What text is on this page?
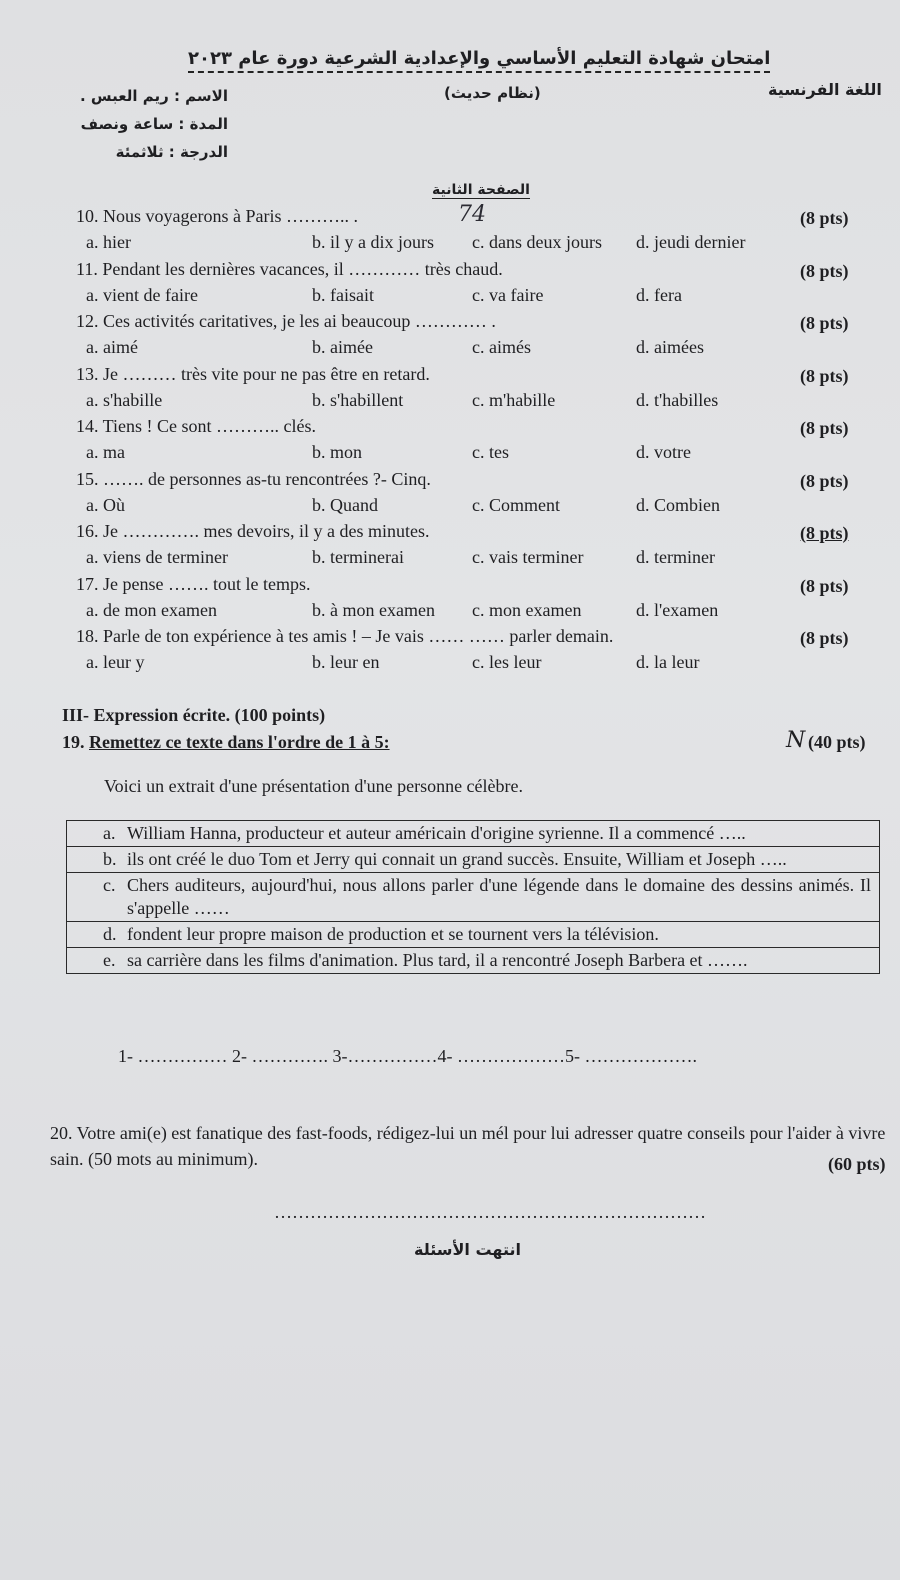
امتحان شهادة التعليم الأساسي والإعدادية الشرعية دورة عام ٢٠٢٣
اللغة الفرنسية
(نظام حديث)
الاسم : ريم العبس .
المدة : ساعة ونصف
الدرجة : ثلاثمئة
الصفحة الثانية
74
10. Nous voyagerons à Paris ……….. .	(8 pts)
a. hier	b. il y a dix jours c. dans deux jours d. jeudi dernier
11. Pendant les dernières vacances, il ………… très chaud.	(8 pts)
a. vient de faire	b. faisait	c. va faire	d. fera
12. Ces activités caritatives, je les ai beaucoup ………… .	(8 pts)
a. aimé	b. aimée	c. aimés	d. aimées
13. Je ……… très vite pour ne pas être en retard.	(8 pts)
a. s'habille	b. s'habillent	c. m'habille	d. t'habilles
14. Tiens ! Ce sont ……….. clés.	(8 pts)
a. ma	b. mon	c. tes	d. votre
15. ……. de personnes as-tu rencontrées ?- Cinq.	(8 pts)
a. Où	b. Quand	c. Comment	d. Combien
16. Je …………. mes devoirs, il y a des minutes.	(8 pts)
a. viens de terminer	b. terminerai	c. vais terminer	d. terminer
17. Je pense ……. tout le temps.	(8 pts)
a. de mon examen	b. à mon examen c. mon examen	d. l'examen
18. Parle de ton expérience à tes amis ! – Je vais …… …… parler demain.	(8 pts)
a. leur y	b. leur en	c. les leur	d. la leur
III- Expression écrite. (100 points)
19. Remettez ce texte dans l'ordre de 1 à 5:	N (40 pts)
Voici un extrait d'une présentation d'une personne célèbre.
a. William Hanna, producteur et auteur américain d'origine syrienne. Il a commencé …..

b. ils ont créé le duo Tom et Jerry qui connait un grand succès. Ensuite, William et Joseph …..

c. Chers auditeurs, aujourd'hui, nous allons parler d'une légende dans le domaine des dessins animés. Il s'appelle ……

d. fondent leur propre maison de production et se tournent vers la télévision.

e. sa carrière dans les films d'animation. Plus tard, il a rencontré Joseph Barbera et …….
1- …………… 2- …………. 3-……………4- ………………5- ……………….
20. Votre ami(e) est fanatique des fast-foods, rédigez-lui un mél pour lui adresser quatre conseils pour l'aider à vivre sain. (50 mots au minimum).	(60 pts)
………………………………………………………………
انتهت الأسئلة
